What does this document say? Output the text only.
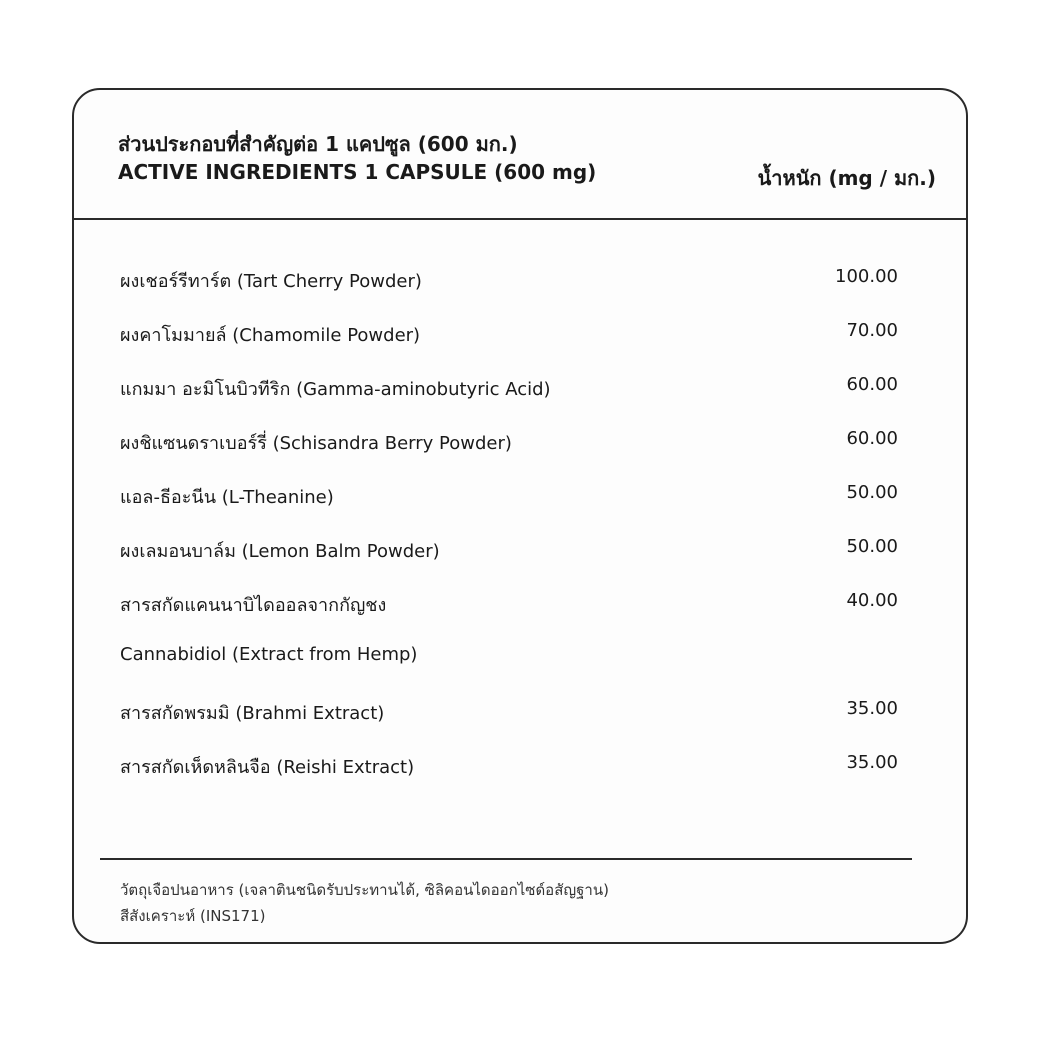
ส่วนประกอบที่สำคัญต่อ 1 แคปซูล (600 มก.)
ACTIVE INGREDIENTS 1 CAPSULE (600 mg)	น้ำหนัก (mg / มก.)
ผงเชอร์รีทาร์ต (Tart Cherry Powder)	100.00
ผงคาโมมายล์ (Chamomile Powder)	70.00
แกมมา อะมิโนบิวทีริก (Gamma-aminobutyric Acid)	60.00
ผงชิแซนดราเบอร์รี่ (Schisandra Berry Powder)	60.00
แอล-ธีอะนีน (L-Theanine)	50.00
ผงเลมอนบาล์ม (Lemon Balm Powder)	50.00
สารสกัดแคนนาบิไดออลจากกัญชง	40.00
Cannabidiol (Extract from Hemp)
สารสกัดพรมมิ (Brahmi Extract)	35.00
สารสกัดเห็ดหลินจือ (Reishi Extract)	35.00
วัตถุเจือปนอาหาร (เจลาตินชนิดรับประทานได้, ซิลิคอนไดออกไซด์อสัญฐาน)
สีสังเคราะห์ (INS171)
